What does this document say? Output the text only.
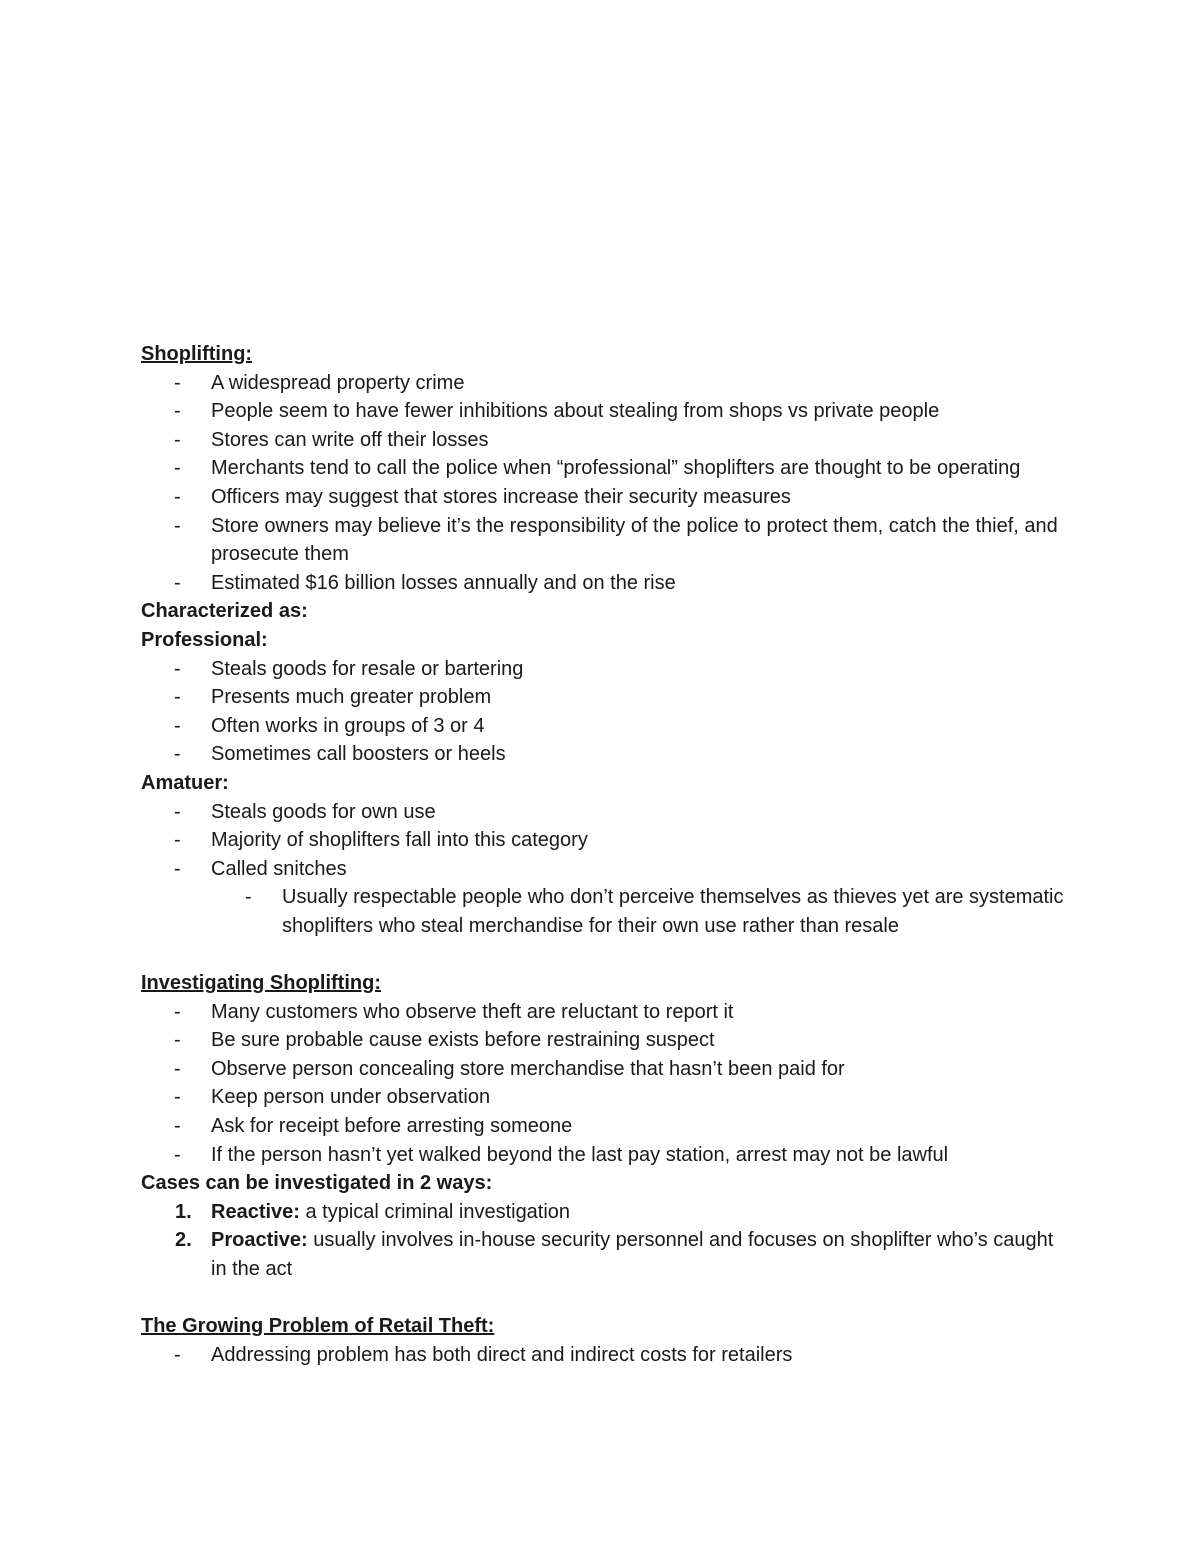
Shoplifting:

- A widespread property crime
- People seem to have fewer inhibitions about stealing from shops vs private people
- Stores can write off their losses
- Merchants tend to call the police when “professional” shoplifters are thought to be operating
- Officers may suggest that stores increase their security measures
- Store owners may believe it’s the responsibility of the police to protect them, catch the thief, and prosecute them
- Estimated $16 billion losses annually and on the rise

Characterized as:

Professional:

- Steals goods for resale or bartering
- Presents much greater problem
- Often works in groups of 3 or 4
- Sometimes call boosters or heels

Amatuer:

- Steals goods for own use
- Majority of shoplifters fall into this category
- Called snitches
- Usually respectable people who don’t perceive themselves as thieves yet are systematic shoplifters who steal merchandise for their own use rather than resale

Investigating Shoplifting:

- Many customers who observe theft are reluctant to report it
- Be sure probable cause exists before restraining suspect
- Observe person concealing store merchandise that hasn’t been paid for
- Keep person under observation
- Ask for receipt before arresting someone
- If the person hasn’t yet walked beyond the last pay station, arrest may not be lawful

Cases can be investigated in 2 ways:

1. Reactive: a typical criminal investigation
2. Proactive: usually involves in-house security personnel and focuses on shoplifter who’s caught in the act

The Growing Problem of Retail Theft:

- Addressing problem has both direct and indirect costs for retailers
